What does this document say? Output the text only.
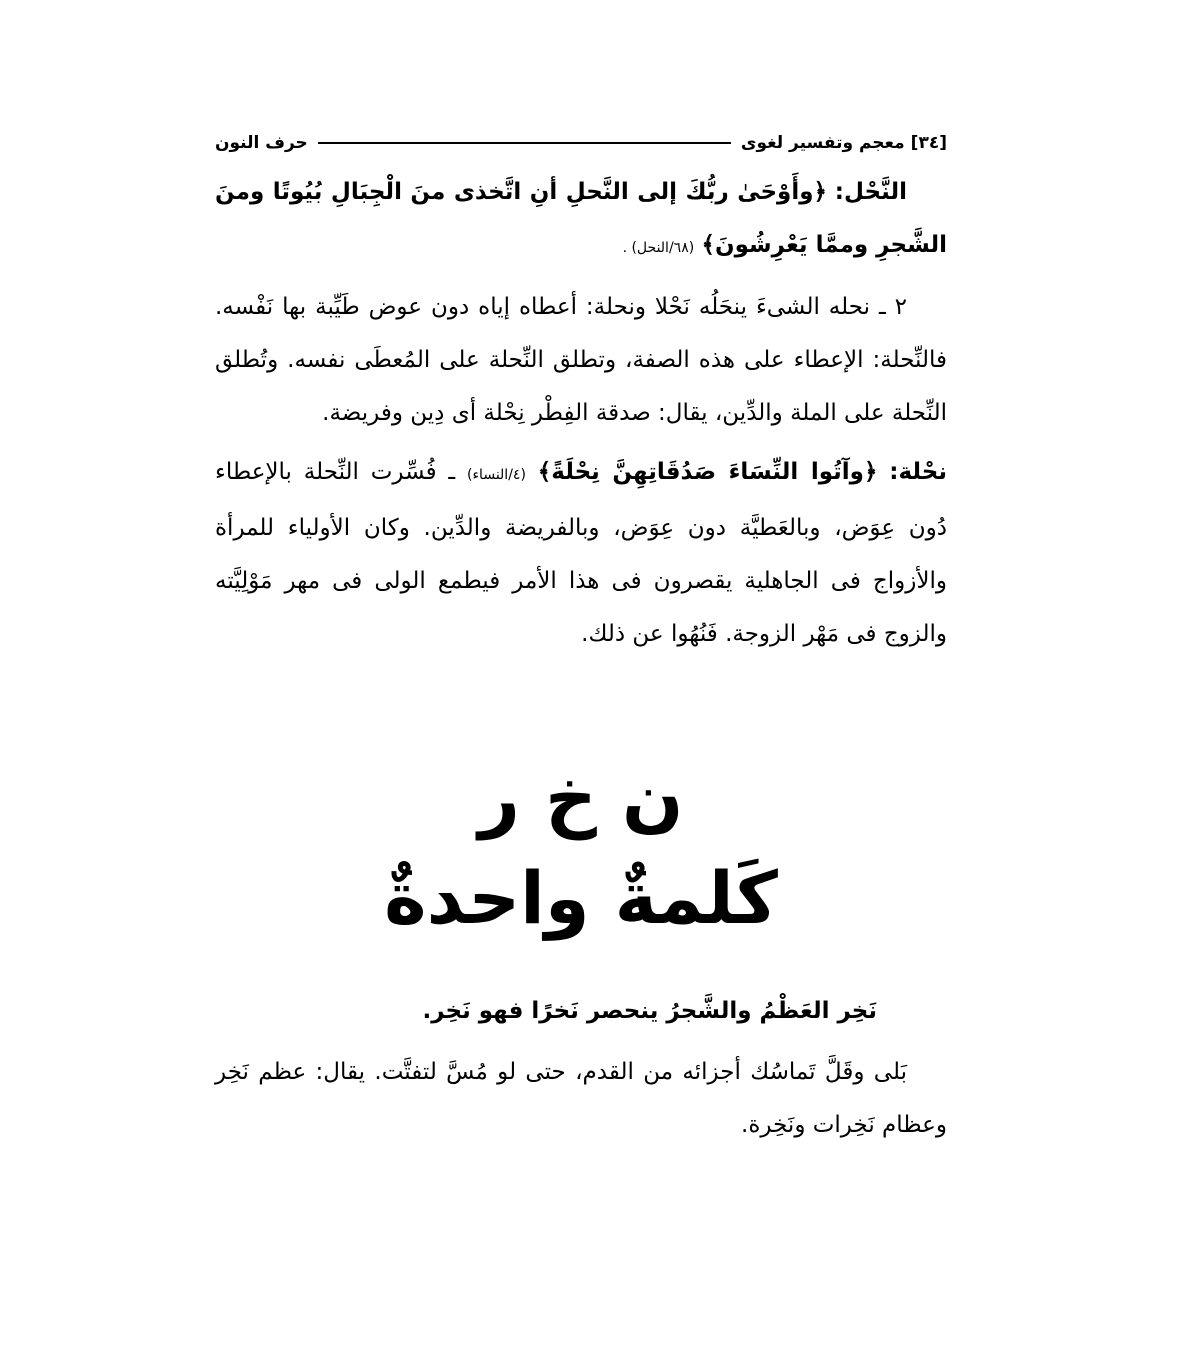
[٣٤]
معجم وتفسير لغوى
حرف النون

النَّحْل: ﴿وأَوْحَىٰ ربُّكَ إلى النَّحلِ أنِ اتَّخذى منَ الْجِبَالِ بُيُوتًا ومنَ الشَّجرِ وممَّا يَعْرِشُونَ﴾ (٦٨/النحل) .

٢ ـ نحله الشىءَ ينحَلُه نَحْلا ونحلة: أعطاه إياه دون عوض طَيِّبة بها نَفْسه. فالنِّحلة: الإعطاء على هذه الصفة، وتطلق النِّحلة على المُعطَى نفسه. وتُطلق النِّحلة على الملة والدِّين، يقال: صدقة الفِطْر نِحْلة أى دِين وفريضة.

نحْلة: ﴿وآتُوا النِّسَاءَ صَدُقَاتِهِنَّ نِحْلَةً﴾ (٤/النساء) ـ فُسِّرت النِّحلة بالإعطاء دُون عِوَض، وبالعَطيَّة دون عِوَض، وبالفريضة والدِّين. وكان الأولياء للمرأة والأزواج فى الجاهلية يقصرون فى هذا الأمر فيطمع الولى فى مهر مَوْلِيَّته والزوج فى مَهْر الزوجة. فَنُهُوا عن ذلك.

ن خ ر
كَلمةٌ واحدةٌ
نَخِر العَظْمُ والشَّجرُ ينحصر نَخرًا فهو نَخِر.

بَلى وقَلَّ تَماسُك أجزائه من القدم، حتى لو مُسَّ لتفتَّت. يقال: عظم نَخِر وعظام نَخِرات ونَخِرة.
